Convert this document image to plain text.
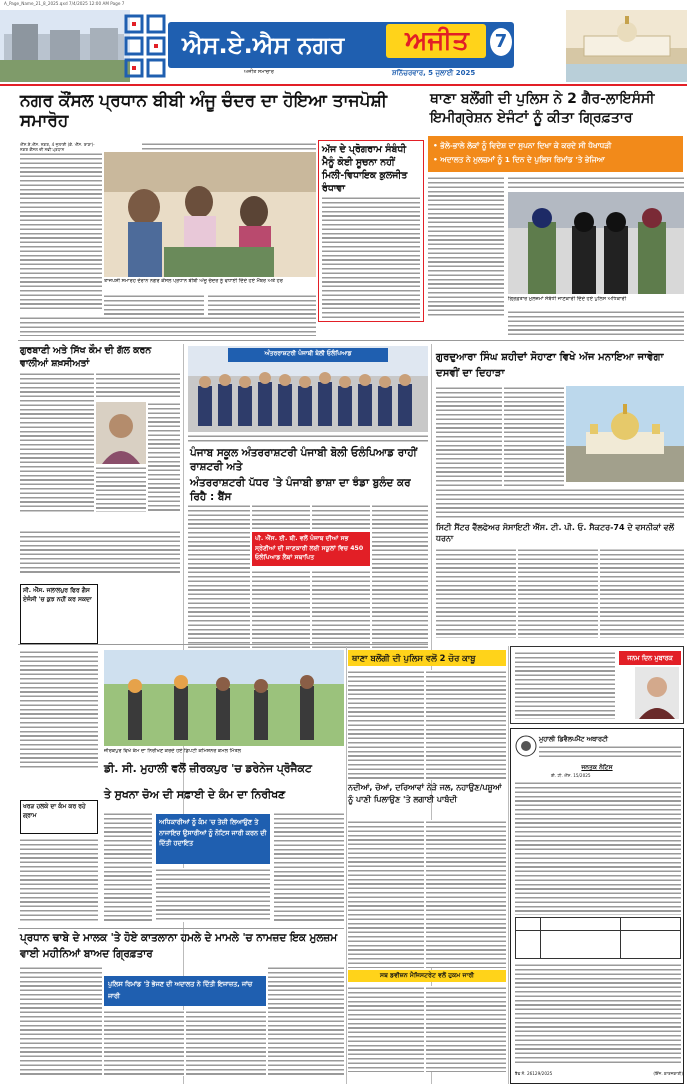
A_Page_Name_21_8_2025.qxd 7/4/2025 12:00 AM Page 7
ਐਸ.ਏ.ਐਸ ਨਗਰ	ਅਜੀਤ	7
ਅਜੀਤ ਸਮਾਚਾਰ	ਸ਼ਨਿੱਚਰਵਾਰ, 5 ਜੁਲਾਈ 2025
ਨਗਰ ਕੌਂਸਲ ਪ੍ਰਧਾਨ ਬੀਬੀ ਅੰਜੂ ਚੰਦਰ ਦਾ ਹੋਇਆ ਤਾਜਪੋਸ਼ੀ ਸਮਾਰੋਹ
ਥਾਣਾ ਬਲੌਂਗੀ ਦੀ ਪੁਲਿਸ ਨੇ 2 ਗੈਰ-ਲਾਇਸੰਸੀ ਇਮੀਗ੍ਰੇਸ਼ਨ ਏਜੰਟਾਂ ਨੂੰ ਕੀਤਾ ਗ੍ਰਿਫ਼ਤਾਰ
• ਭੋਲੇ-ਭਾਲੇ ਲੋਕਾਂ ਨੂੰ ਵਿਦੇਸ਼ ਦਾ ਸੁਪਨਾ ਦਿਖਾ ਕੇ ਕਰਦੇ ਸੀ ਧੋਖਾਧੜੀ
• ਅਦਾਲਤ ਨੇ ਮੁਲਜ਼ਮਾਂ ਨੂੰ 1 ਦਿਨ ਦੇ ਪੁਲਿਸ ਰਿਮਾਂਡ 'ਤੇ ਭੇਜਿਆ
ਐੱਸ.ਏ.ਐੱਸ. ਨਗਰ, 4 ਜੁਲਾਈ (ਕੇ. ਐੱਸ. ਰਾਣਾ)- ਨਗਰ ਕੌਂਸਲ ਦੀ ਨਵੀਂ ਪ੍ਰਧਾਨ
ਤਾਜਪੋਸ਼ੀ ਸਮਾਰੋਹ ਦੌਰਾਨ ਨਗਰ ਕੌਂਸਲ ਪ੍ਰਧਾਨ ਬੀਬੀ ਅੰਜੂ ਚੰਦਰ ਨੂੰ ਵਧਾਈ ਦਿੰਦੇ ਹੋਏ ਮੈਂਬਰ ਅਤੇ ਹੋਰ
ਅੱਜ ਦੇ ਪ੍ਰੋਗਰਾਮ ਸੰਬੰਧੀ ਮੈਨੂੰ ਕੋਈ ਸੂਚਨਾ ਨਹੀਂ ਮਿਲੀ-ਵਿਧਾਇਕ ਕੁਲਜੀਤ ਰੰਧਾਵਾ
ਗ੍ਰਿਫ਼ਤਾਰ ਮੁਲਜ਼ਮਾਂ ਸੰਬੰਧੀ ਜਾਣਕਾਰੀ ਦਿੰਦੇ ਹੋਏ ਪੁਲਿਸ ਅਧਿਕਾਰੀ
ਗੁਰਬਾਣੀ ਅਤੇ ਸਿੱਖ ਕੌਮ ਦੀ ਗੱਲ ਕਰਨ ਵਾਲੀਆਂ ਸ਼ਖ਼ਸੀਅਤਾਂ
ਅੰਤਰਰਾਸ਼ਟਰੀ ਪੰਜਾਬੀ ਬੋਲੀ ਓਲੰਪਿਆਡ
ਪੰਜਾਬ ਸਕੂਲ ਅੰਤਰਰਾਸ਼ਟਰੀ ਪੰਜਾਬੀ ਬੋਲੀ ਓਲੰਪਿਆਡ ਰਾਹੀਂ ਰਾਸ਼ਟਰੀ ਅਤੇ
ਅੰਤਰਰਾਸ਼ਟਰੀ ਪੱਧਰ 'ਤੇ ਪੰਜਾਬੀ ਭਾਸ਼ਾ ਦਾ ਝੰਡਾ ਬੁਲੰਦ ਕਰ ਰਿਹੈ : ਬੈਂਸ
ਪੀ. ਐੱਸ. ਈ. ਬੀ. ਵਲੋਂ ਪੰਜਾਬ ਦੀਆਂ ਸਭ ਸ੍ਰੇਣੀਆਂ ਦੀ ਜਾਣਕਾਰੀ ਲਈ ਸਕੂਲਾਂ ਵਿਚ 450 ਓਲੰਪਿਆਡ ਲੈਬਾਂ ਸਥਾਪਿਤ
ਗੁਰਦੁਆਰਾ ਸਿੰਘ ਸ਼ਹੀਦਾਂ ਸੋਹਾਣਾ ਵਿਖੇ ਅੱਜ ਮਨਾਇਆ ਜਾਵੇਗਾ ਦਸਵੀਂ ਦਾ ਦਿਹਾੜਾ
ਸਿਟੀ ਸੈਂਟਰ ਵੈੱਲਫੇਅਰ ਸੋਸਾਇਟੀ ਐੱਸ. ਟੀ. ਪੀ. ਓ. ਸੈਕਟਰ-74 ਦੇ ਵਸਨੀਕਾਂ ਵਲੋਂ ਧਰਨਾ
ਸੀ. ਐੱਸ. ਜਲਾਲਪੁਰ ਫਿਰ ਗੈਸ ਏਜੰਸੀ 'ਚ ਕੁਝ ਨਹੀਂ ਕਰ ਸਕਦਾ
ਜ਼ੀਰਕਪੁਰ ਵਿਖੇ ਕੰਮ ਦਾ ਨਿਰੀਖਣ ਕਰਦੇ ਹੋਏ ਡਿਪਟੀ ਕਮਿਸ਼ਨਰ ਕੋਮਲ ਮਿੱਤਲ
ਥਾਣਾ ਬਲੌਂਗੀ ਦੀ ਪੁਲਿਸ ਵਲੋਂ 2 ਚੋਰ ਕਾਬੂ
ਡੀ. ਸੀ. ਮੁਹਾਲੀ ਵਲੋਂ ਜ਼ੀਰਕਪੁਰ 'ਚ ਡਰੇਨੇਜ ਪ੍ਰੋਜੈਕਟ
ਤੇ ਸੁਖਨਾ ਚੋਅ ਦੀ ਸਫ਼ਾਈ ਦੇ ਕੰਮ ਦਾ ਨਿਰੀਖਣ
ਅਧਿਕਾਰੀਆਂ ਨੂੰ ਕੰਮ 'ਚ ਤੇਜ਼ੀ ਲਿਆਉਣ ਤੇ ਨਾਜਾਇਜ਼ ਉਸਾਰੀਆਂ ਨੂੰ ਨੋਟਿਸ ਜਾਰੀ ਕਰਨ ਦੀ ਦਿੱਤੀ ਹਦਾਇਤ
ਜਨਮ ਦਿਨ ਮੁਬਾਰਕ
ਮੁਹਾਲੀ ਡਿਵੈਲਪਮੈਂਟ ਅਥਾਰਟੀ
ਜਨਤਕ ਨੋਟਿਸ
ਈ. ਟੀ. ਐੱਸ. 15/2025
ਰੈਫ ਨੰ. 26129/2025	(ਇੰਜ. ਕਾਰਜਕਾਰੀ)
ਨਦੀਆਂ, ਚੋਆਂ, ਦਰਿਆਵਾਂ ਨੇੜੇ ਜਲ, ਨਹਾਉਣ/ਪਸ਼ੂਆਂ ਨੂੰ ਪਾਣੀ ਪਿਲਾਉਣ 'ਤੇ ਲਗਾਈ ਪਾਬੰਦੀ
ਸਬ ਡਵੀਜ਼ਨ ਮੈਜਿਸਟਰੇਟ ਵਲੋਂ ਹੁਕਮ ਜਾਰੀ
ਖਰੜ ਹਲਕੇ ਦਾ ਕੰਮ ਕਰ ਰਹੇ ਗ੍ਰਾਮ
ਪ੍ਰਧਾਨ ਢਾਬੇ ਦੇ ਮਾਲਕ 'ਤੇ ਹੋਏ ਕਾਤਲਾਨਾ ਹਮਲੇ ਦੇ ਮਾਮਲੇ 'ਚ ਨਾਮਜ਼ਦ ਇਕ ਮੁਲਜ਼ਮ ਵਾਈ ਮਹੀਨਿਆਂ ਬਾਅਦ ਗ੍ਰਿਫ਼ਤਾਰ
ਪੁਲਿਸ ਰਿਮਾਂਡ 'ਤੇ ਭੇਜਣ ਦੀ ਅਦਾਲਤ ਨੇ ਦਿੱਤੀ ਇਜਾਜ਼ਤ, ਜਾਂਚ ਜਾਰੀ
